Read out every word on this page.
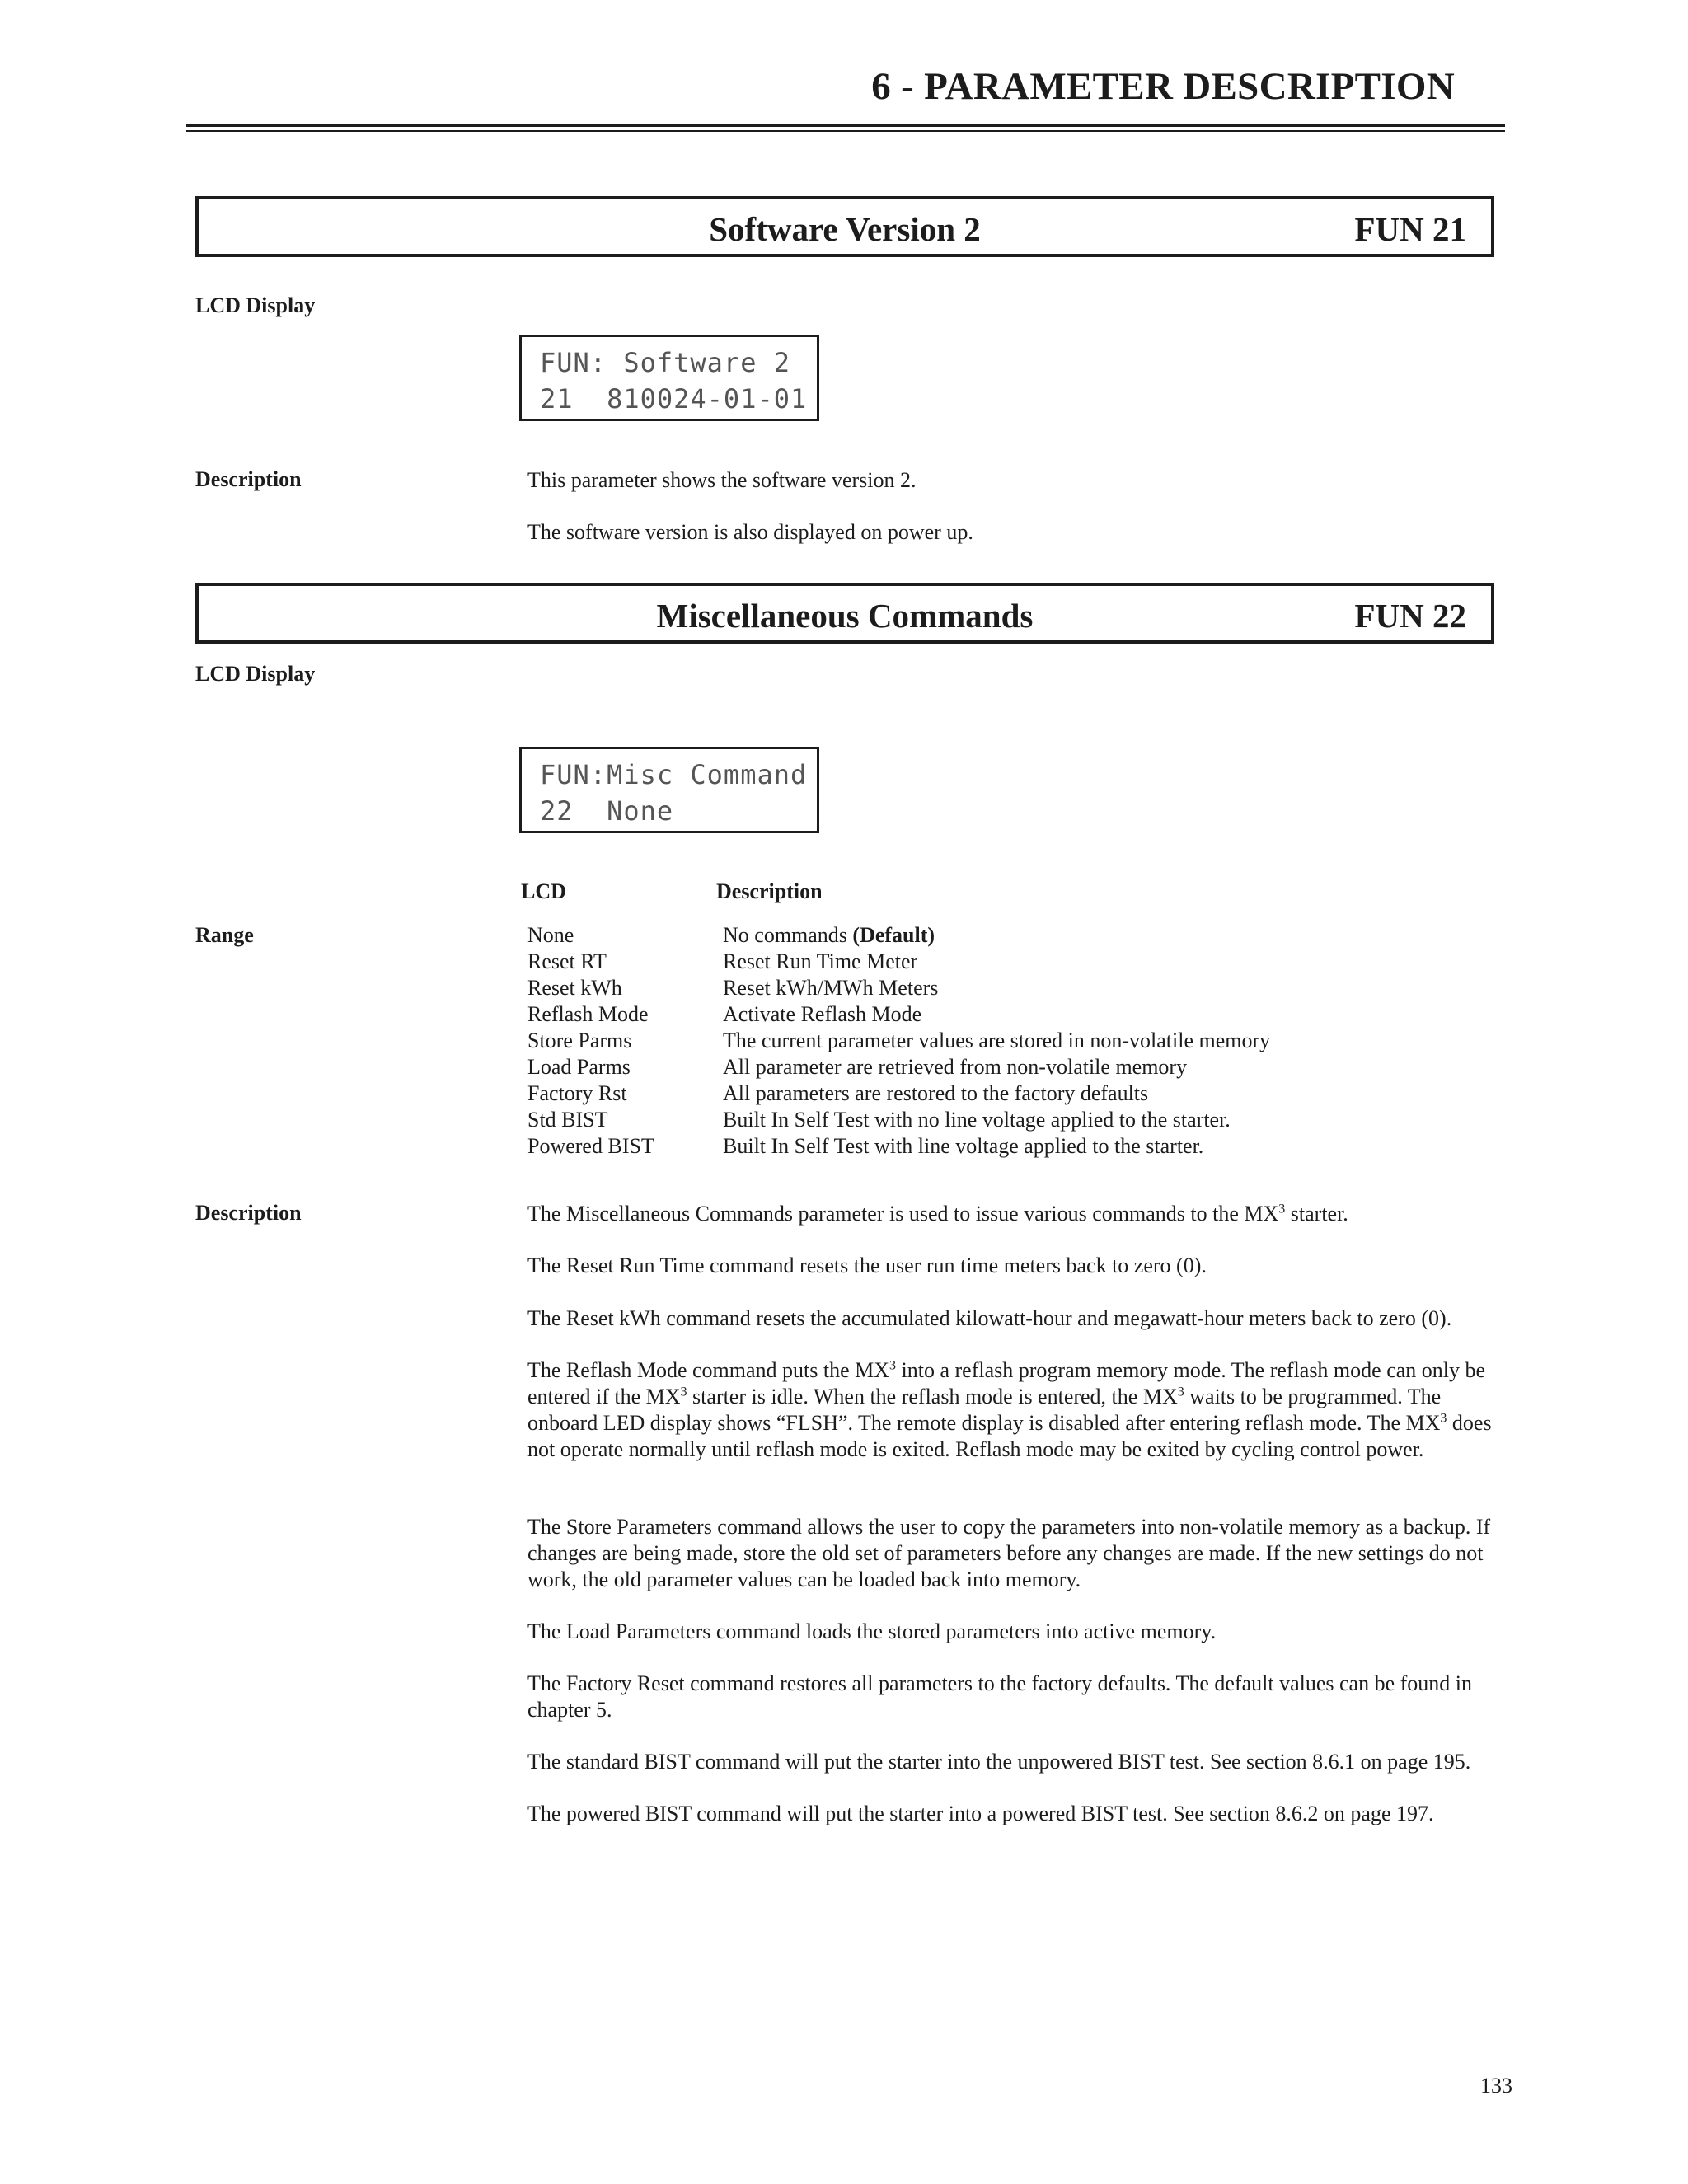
6 - PARAMETER DESCRIPTION
Software Version 2	FUN 21
LCD Display
FUN: Software 2
21  810024-01-01
Description	This parameter shows the software version 2.
The software version is also displayed on power up.
Miscellaneous Commands	FUN 22
LCD Display
FUN:Misc Command
22  None
LCD	Description
Range	None	No commands (Default)
Reset RT	Reset Run Time Meter
Reset kWh	Reset kWh/MWh Meters
Reflash Mode	Activate Reflash Mode
Store Parms	The current parameter values are stored in non-volatile memory
Load Parms	All parameter are retrieved from non-volatile memory
Factory Rst	All parameters are restored to the factory defaults
Std BIST	Built In Self Test with no line voltage applied to the starter.
Powered BIST	Built In Self Test with line voltage applied to the starter.
Description	The Miscellaneous Commands parameter is used to issue various commands to the $MX^3$ starter.
The Reset Run Time command resets the user run time meters back to zero (0).
The Reset kWh command resets the accumulated kilowatt-hour and megawatt-hour meters back to zero (0).
The Reflash Mode command puts the $MX^3$ into a reflash program memory mode. The reflash mode can only be entered if the $MX^3$ starter is idle. When the reflash mode is entered, the $MX^3$ waits to be programmed. The onboard LED display shows “FLSH”. The remote display is disabled after entering reflash mode. The $MX^3$ does not operate normally until reflash mode is exited. Reflash mode may be exited by cycling control power.
The Store Parameters command allows the user to copy the parameters into non-volatile memory as a backup. If changes are being made, store the old set of parameters before any changes are made. If the new settings do not work, the old parameter values can be loaded back into memory.
The Load Parameters command loads the stored parameters into active memory.
The Factory Reset command restores all parameters to the factory defaults. The default values can be found in chapter 5.
The standard BIST command will put the starter into the unpowered BIST test. See section 8.6.1 on page 195.
The powered BIST command will put the starter into a powered BIST test. See section 8.6.2 on page 197.
133
